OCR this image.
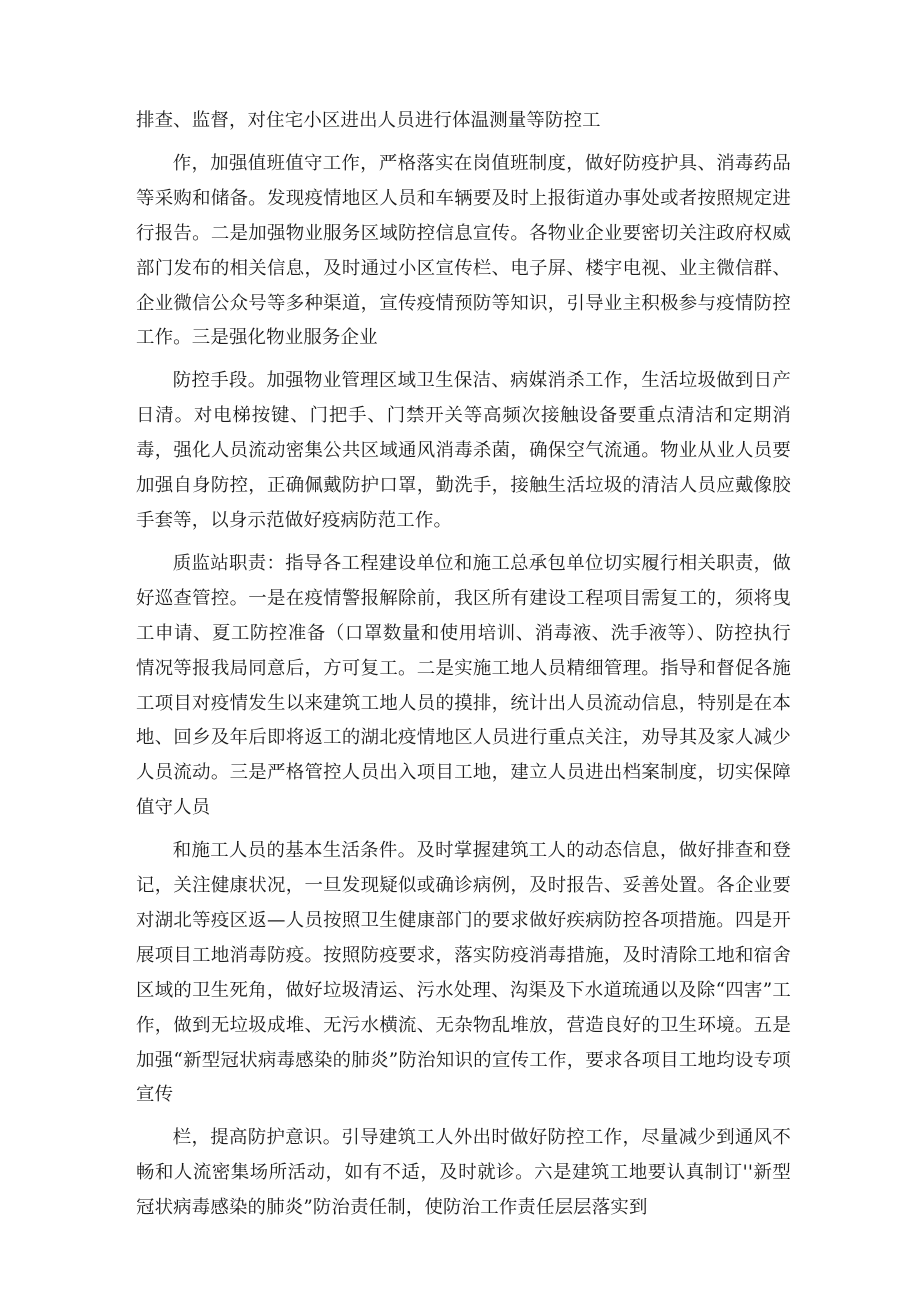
排查、监督，对住宅小区进出人员进行体温测量等防控工

作，加强值班值守工作，严格落实在岗值班制度，做好防疫护具、消毒药品等采购和储备。发现疫情地区人员和车辆要及时上报街道办事处或者按照规定进行报告。二是加强物业服务区域防控信息宣传。各物业企业要密切关注政府权威部门发布的相关信息，及时通过小区宣传栏、电子屏、楼宇电视、业主微信群、企业微信公众号等多种渠道，宣传疫情预防等知识，引导业主积极参与疫情防控工作。三是强化物业服务企业

防控手段。加强物业管理区域卫生保洁、病媒消杀工作，生活垃圾做到日产日清。对电梯按键、门把手、门禁开关等高频次接触设备要重点清洁和定期消毒，强化人员流动密集公共区域通风消毒杀菌，确保空气流通。物业从业人员要加强自身防控，正确佩戴防护口罩，勤洗手，接触生活垃圾的清洁人员应戴像胶手套等，以身示范做好疫病防范工作。

质监站职责：指导各工程建设单位和施工总承包单位切实履行相关职责，做好巡查管控。一是在疫情警报解除前，我区所有建设工程项目需复工的，须将曳工申请、夏工防控准备（口罩数量和使用培训、消毒液、洗手液等）、防控执行情况等报我局同意后，方可复工。二是实施工地人员精细管理。指导和督促各施工项目对疫情发生以来建筑工地人员的摸排，统计出人员流动信息，特别是在本地、回乡及年后即将返工的湖北疫情地区人员进行重点关注，劝导其及家人减少人员流动。三是严格管控人员出入项目工地，建立人员进出档案制度，切实保障值守人员

和施工人员的基本生活条件。及时掌握建筑工人的动态信息，做好排查和登记，关注健康状况，一旦发现疑似或确诊病例，及时报告、妥善处置。各企业要对湖北等疫区返—人员按照卫生健康部门的要求做好疾病防控各项措施。四是开展项目工地消毒防疫。按照防疫要求，落实防疫消毒措施，及时清除工地和宿舍区域的卫生死角，做好垃圾清运、污水处理、沟渠及下水道琉通以及除“四害”工作，做到无垃圾成堆、无污水横流、无杂物乱堆放，营造良好的卫生环境。五是加强“新型冠状病毒感染的肺炎”防治知识的宣传工作，要求各项目工地均设专项宣传

栏，提高防护意识。引导建筑工人外出时做好防控工作，尽量减少到通风不畅和人流密集场所活动，如有不适，及时就诊。六是建筑工地要认真制订''新型冠状病毒感染的肺炎”防治责任制，使防治工作责任层层落实到
